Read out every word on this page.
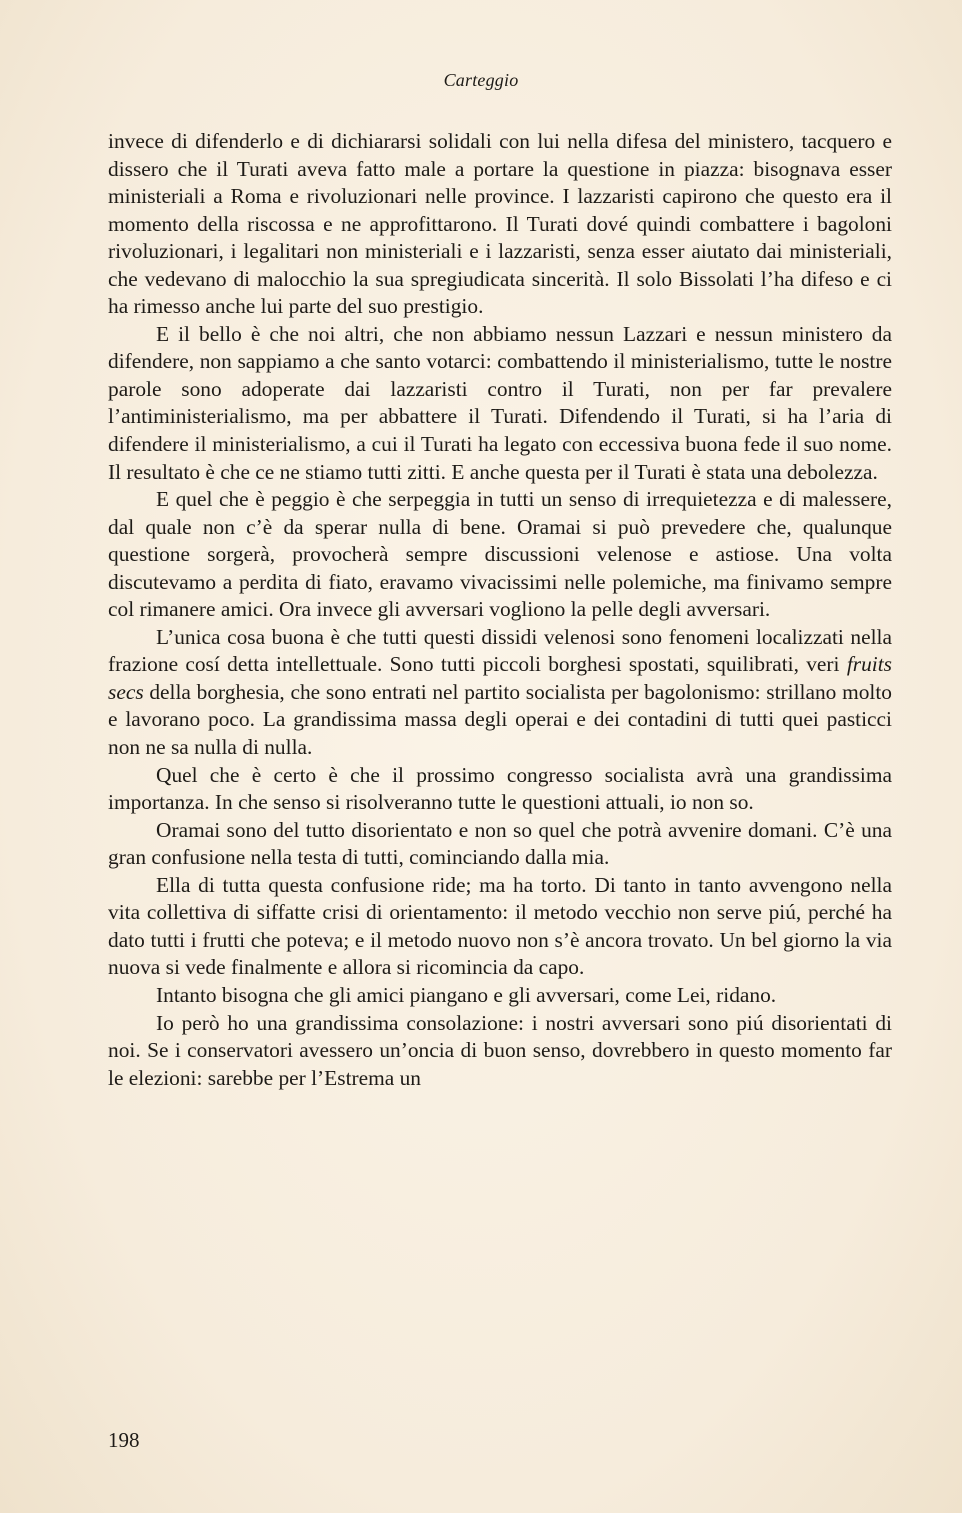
Carteggio

invece di difenderlo e di dichiararsi solidali con lui nella difesa del ministero, tacquero e dissero che il Turati aveva fatto male a portare la questione in piazza: bisognava esser ministeriali a Roma e rivoluzionari nelle province. I lazzaristi capirono che questo era il momento della riscossa e ne approfittarono. Il Turati dové quindi combattere i bagoloni rivoluzionari, i legalitari non ministeriali e i lazzaristi, senza esser aiutato dai ministeriali, che vedevano di malocchio la sua spregiudicata sincerità. Il solo Bissolati l’ha difeso e ci ha rimesso anche lui parte del suo prestigio.

E il bello è che noi altri, che non abbiamo nessun Lazzari e nessun ministero da difendere, non sappiamo a che santo votarci: combattendo il ministerialismo, tutte le nostre parole sono adoperate dai lazzaristi contro il Turati, non per far prevalere l’antiministerialismo, ma per abbattere il Turati. Difendendo il Turati, si ha l’aria di difendere il ministerialismo, a cui il Turati ha legato con eccessiva buona fede il suo nome. Il resultato è che ce ne stiamo tutti zitti. E anche questa per il Turati è stata una debolezza.

E quel che è peggio è che serpeggia in tutti un senso di irrequietezza e di malessere, dal quale non c’è da sperar nulla di bene. Oramai si può prevedere che, qualunque questione sorgerà, provocherà sempre discussioni velenose e astiose. Una volta discutevamo a perdita di fiato, eravamo vivacissimi nelle polemiche, ma finivamo sempre col rimanere amici. Ora invece gli avversari vogliono la pelle degli avversari.

L’unica cosa buona è che tutti questi dissidi velenosi sono fenomeni localizzati nella frazione cosí detta intellettuale. Sono tutti piccoli borghesi spostati, squilibrati, veri fruits secs della borghesia, che sono entrati nel partito socialista per bagolonismo: strillano molto e lavorano poco. La grandissima massa degli operai e dei contadini di tutti quei pasticci non ne sa nulla di nulla.

Quel che è certo è che il prossimo congresso socialista avrà una grandissima importanza. In che senso si risolveranno tutte le questioni attuali, io non so.

Oramai sono del tutto disorientato e non so quel che potrà avvenire domani. C’è una gran confusione nella testa di tutti, cominciando dalla mia.

Ella di tutta questa confusione ride; ma ha torto. Di tanto in tanto avvengono nella vita collettiva di siffatte crisi di orientamento: il metodo vecchio non serve piú, perché ha dato tutti i frutti che poteva; e il metodo nuovo non s’è ancora trovato. Un bel giorno la via nuova si vede finalmente e allora si ricomincia da capo.

Intanto bisogna che gli amici piangano e gli avversari, come Lei, ridano.

Io però ho una grandissima consolazione: i nostri avversari sono piú disorientati di noi. Se i conservatori avessero un’oncia di buon senso, dovrebbero in questo momento far le elezioni: sarebbe per l’Estrema un

198
